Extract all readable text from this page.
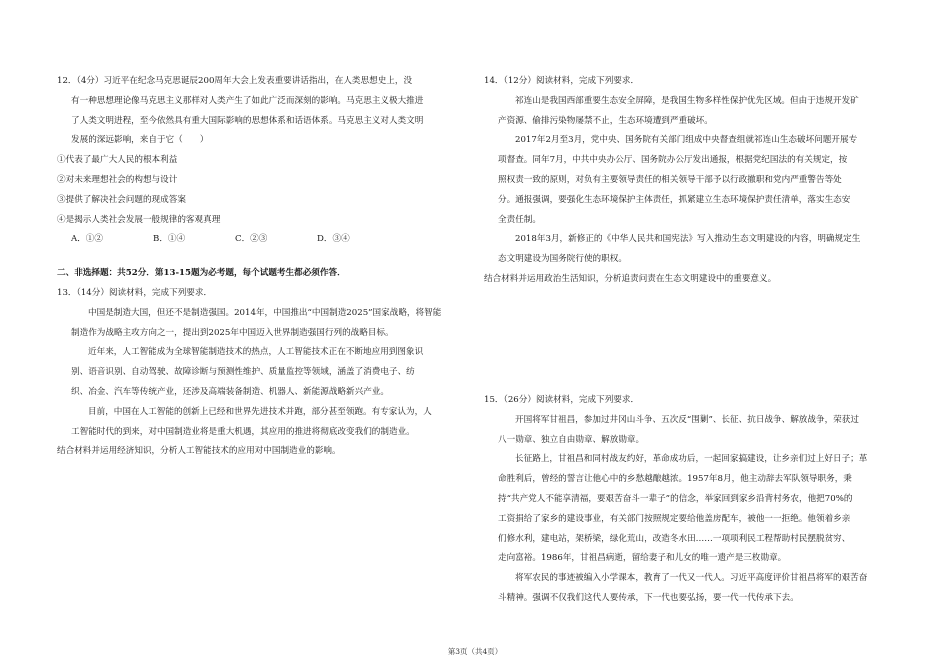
12．（4分）习近平在纪念马克思诞辰200周年大会上发表重要讲话指出，在人类思想史上，没

有一种思想理论像马克思主义那样对人类产生了如此广泛而深刻的影响。马克思主义极大推进

了人类文明进程，至今依然具有重大国际影响的思想体系和话语体系。马克思主义对人类文明

发展的深远影响，来自于它（　　）

①代表了最广大人民的根本利益

②对未来理想社会的构想与设计

③提供了解决社会问题的现成答案

④是揭示人类社会发展一般规律的客观真理

A．①②	B．①④	C．②③	D．③④

二、非选择题：共52分．第13-15题为必考题，每个试题考生都必须作答．

13．（14分）阅读材料，完成下列要求．

中国是制造大国，但还不是制造强国。2014年，中国推出“中国制造2025”国家战略，将智能

制造作为战略主攻方向之一，提出到2025年中国迈入世界制造强国行列的战略目标。

近年来，人工智能成为全球智能制造技术的热点，人工智能技术正在不断地应用到图象识

别、语音识别、自动驾驶、故障诊断与预测性维护、质量监控等领域，涵盖了消费电子、纺

织、冶金、汽车等传统产业，还涉及高端装备制造、机器人、新能源战略新兴产业。

目前，中国在人工智能的创新上已经和世界先进技术并跑，部分甚至领跑。有专家认为，人

工智能时代的到来，对中国制造业将是重大机遇，其应用的推进将彻底改变我们的制造业。

结合材料并运用经济知识，分析人工智能技术的应用对中国制造业的影响。

14．（12分）阅读材料，完成下列要求．

祁连山是我国西部重要生态安全屏障，是我国生物多样性保护优先区域。但由于违规开发矿

产资源、偷排污染物屡禁不止，生态环境遭到严重破坏。

2017年2月至3月，党中央、国务院有关部门组成中央督查组就祁连山生态破坏问题开展专

项督查。同年7月，中共中央办公厅、国务院办公厅发出通报，根据党纪国法的有关规定，按

照权责一致的原则，对负有主要领导责任的相关领导干部予以行政撤职和党内严重警告等处

分。通报强调，要强化生态环境保护主体责任，抓紧建立生态环境保护责任清单，落实生态安

全责任制。

2018年3月，新修正的《中华人民共和国宪法》写入推动生态文明建设的内容，明确规定生

态文明建设为国务院行使的职权。

结合材料并运用政治生活知识，分析追责问责在生态文明建设中的重要意义。

15．（26分）阅读材料，完成下列要求．

开国将军甘祖昌，参加过井冈山斗争、五次反“围剿”、长征、抗日战争、解放战争，荣获过

八一勋章、独立自由勋章、解放勋章。

长征路上，甘祖昌和同村战友约好，革命成功后，一起回家搞建设，让乡亲们过上好日子；革

命胜利后，曾经的誓言让他心中的乡愁越酿越浓。1957年8月，他主动辞去军队领导职务，秉

持“共产党人不能享清福，要艰苦奋斗一辈子”的信念，举家回到家乡沿背村务农，他把70%的

工资捐给了家乡的建设事业，有关部门按照规定要给他盖房配车，被他一一拒绝。他领着乡亲

们修水利，建电站，架桥梁，绿化荒山，改造冬水田……一项项利民工程帮助村民摆脱贫穷、

走向富裕。1986年，甘祖昌病逝，留给妻子和儿女的唯一遗产是三枚勋章。

将军农民的事迹被编入小学课本，教育了一代又一代人。习近平高度评价甘祖昌将军的艰苦奋

斗精神。强调不仅我们这代人要传承，下一代也要弘扬，要一代一代传承下去。

第3页（共4页）
